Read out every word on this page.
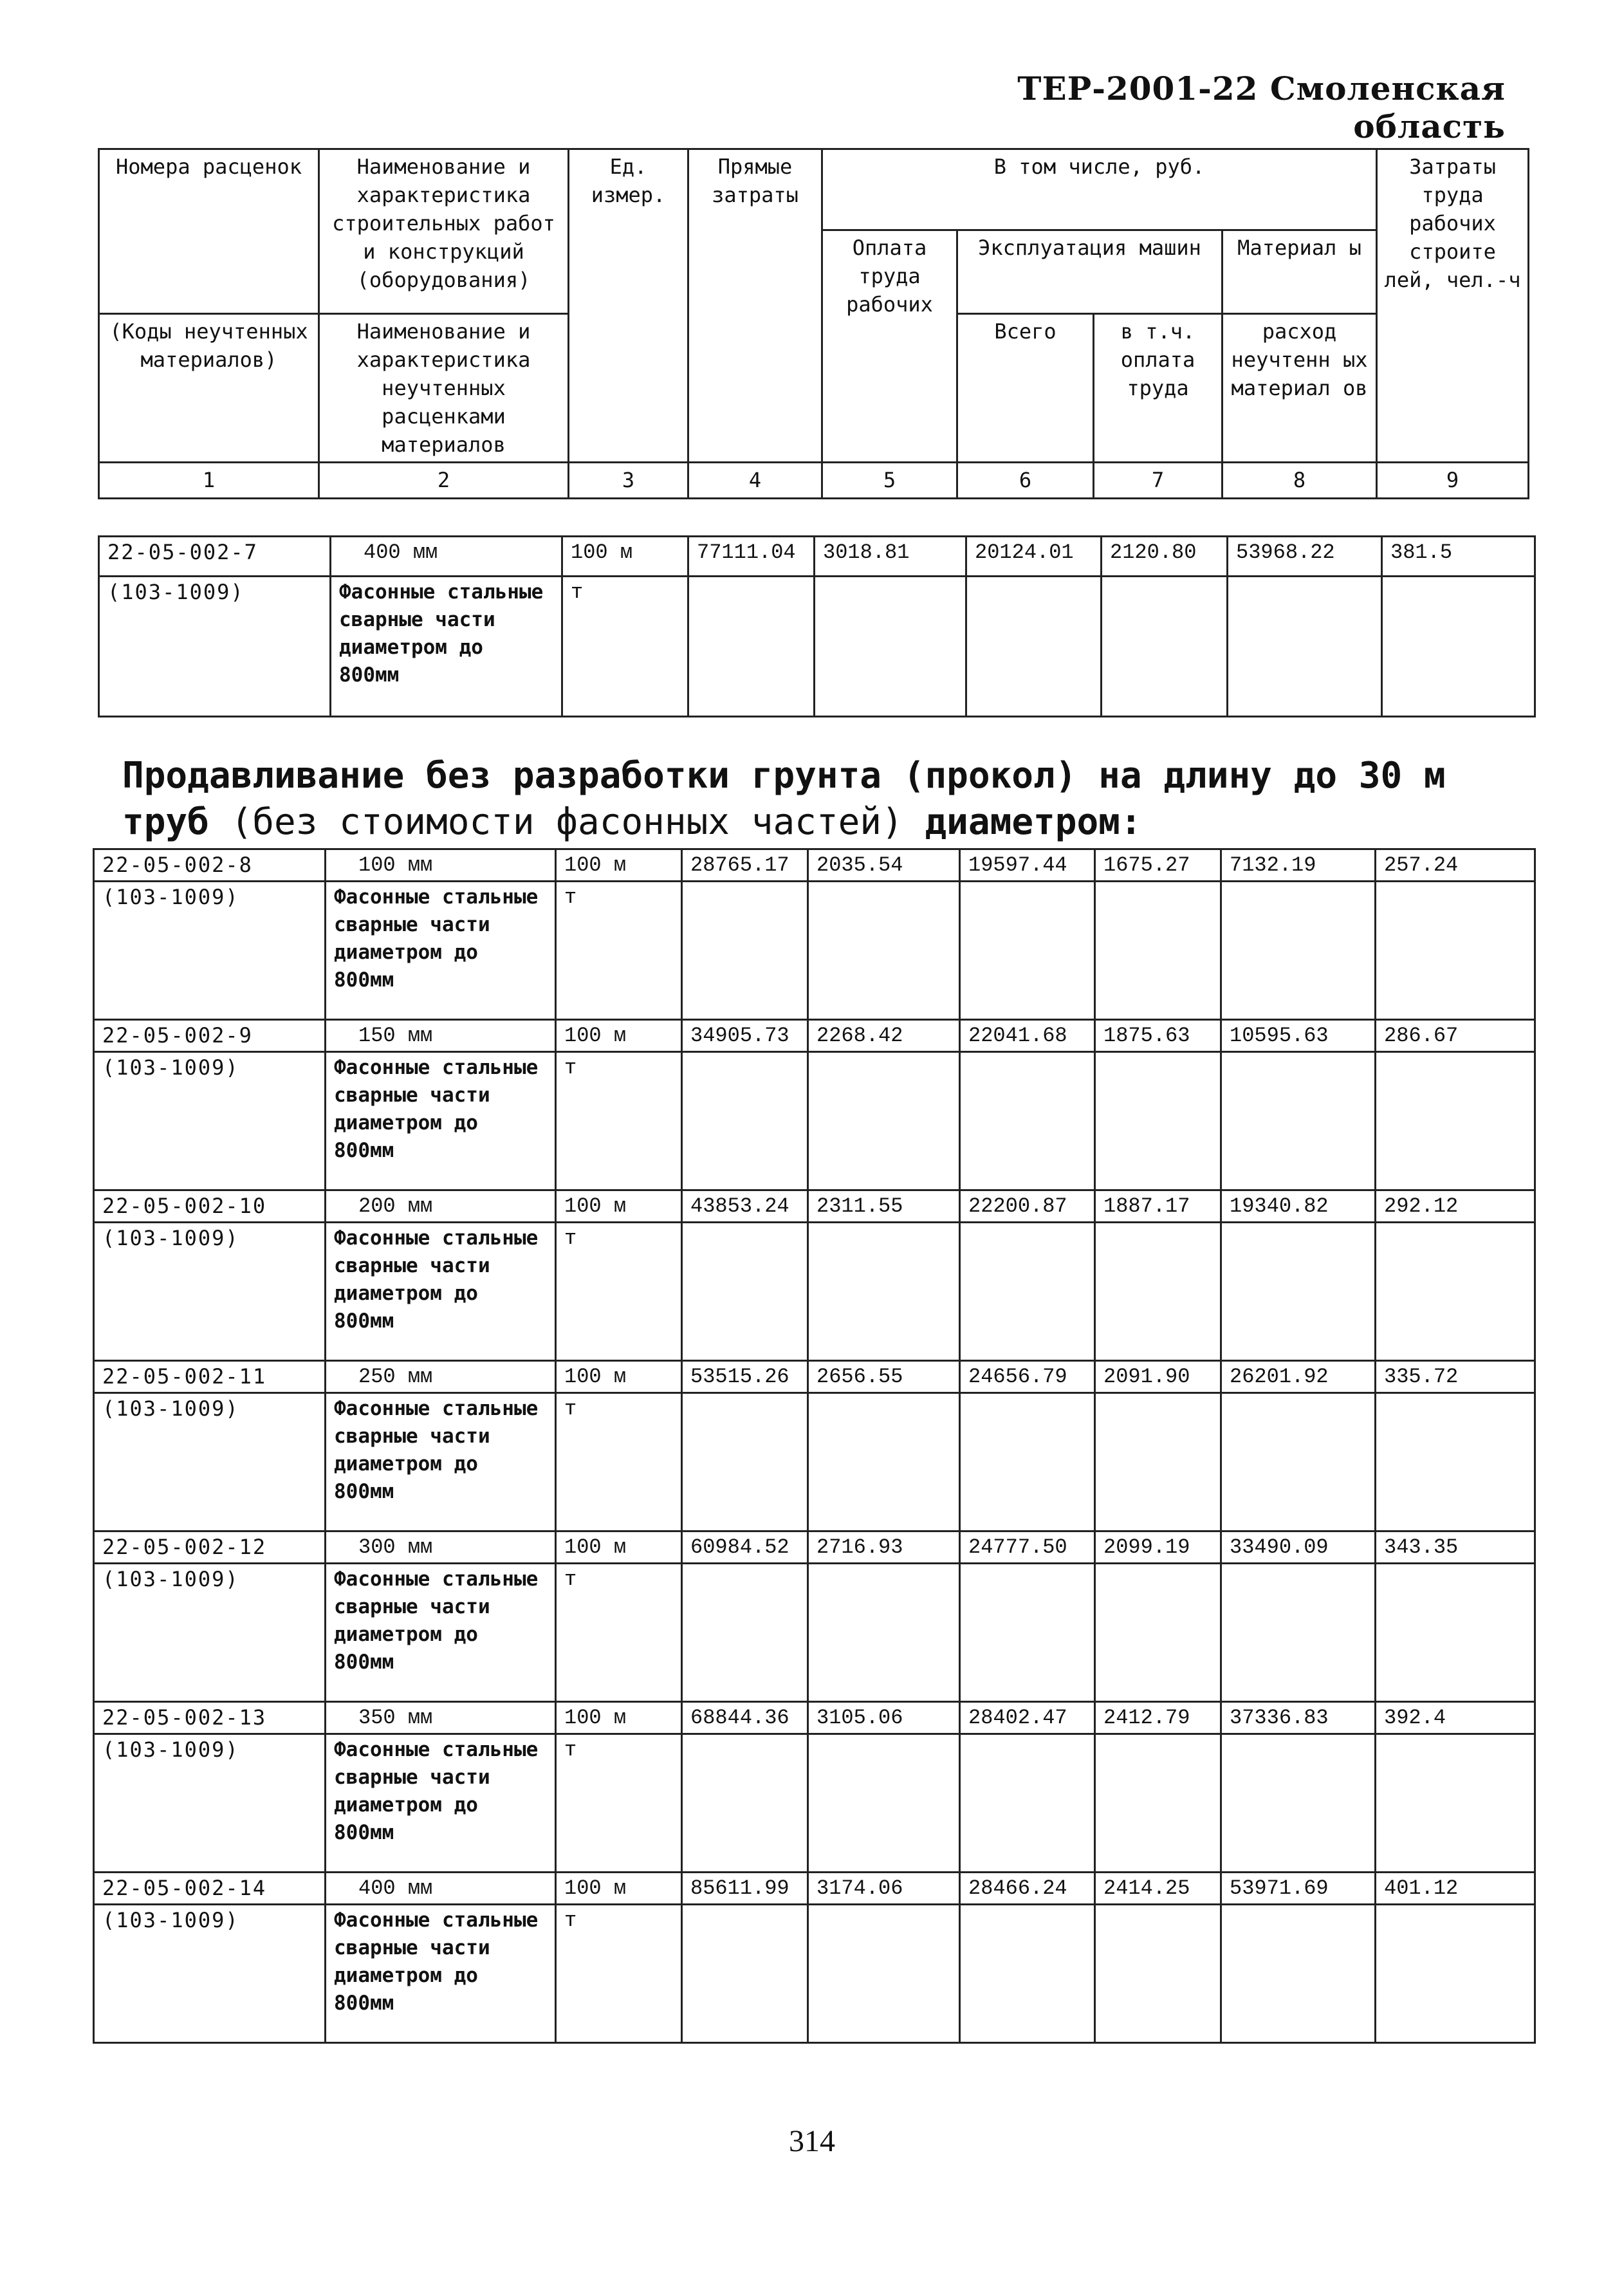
ТЕР-2001-22 Смоленская область
Номера расценок	Наименование и характеристика строительных работ и конструкций (оборудования)	Ед. измер.	Прямые затраты	В том числе, руб.				Затраты труда рабочих строите лей, чел.-ч
				Оплата труда рабочих	Эксплуатация машин		Материал ы	
(Коды неучтенных материалов)	Наименование и характеристика неучтенных расценками материалов				Всего	в т.ч. оплата труда	расход неучтенн ых материал ов	
1	2	3	4	5	6	7	8	9
22-05-002-7	400 мм	100 м	77111.04	3018.81	20124.01	2120.80	53968.22	381.5
(103-1009)	Фасонные стальные сварные части диаметром до 800мм	т						
Продавливание без разработки грунта (прокол) на длину до 30 м труб (без стоимости фасонных частей) диаметром:
22-05-002-8	100 мм	100 м	28765.17	2035.54	19597.44	1675.27	7132.19	257.24
(103-1009)	Фасонные стальные сварные части диаметром до 800мм	т						
22-05-002-9	150 мм	100 м	34905.73	2268.42	22041.68	1875.63	10595.63	286.67
(103-1009)	Фасонные стальные сварные части диаметром до 800мм	т						
22-05-002-10	200 мм	100 м	43853.24	2311.55	22200.87	1887.17	19340.82	292.12
(103-1009)	Фасонные стальные сварные части диаметром до 800мм	т						
22-05-002-11	250 мм	100 м	53515.26	2656.55	24656.79	2091.90	26201.92	335.72
(103-1009)	Фасонные стальные сварные части диаметром до 800мм	т						
22-05-002-12	300 мм	100 м	60984.52	2716.93	24777.50	2099.19	33490.09	343.35
(103-1009)	Фасонные стальные сварные части диаметром до 800мм	т						
22-05-002-13	350 мм	100 м	68844.36	3105.06	28402.47	2412.79	37336.83	392.4
(103-1009)	Фасонные стальные сварные части диаметром до 800мм	т						
22-05-002-14	400 мм	100 м	85611.99	3174.06	28466.24	2414.25	53971.69	401.12
(103-1009)	Фасонные стальные сварные части диаметром до 800мм	т						
314
